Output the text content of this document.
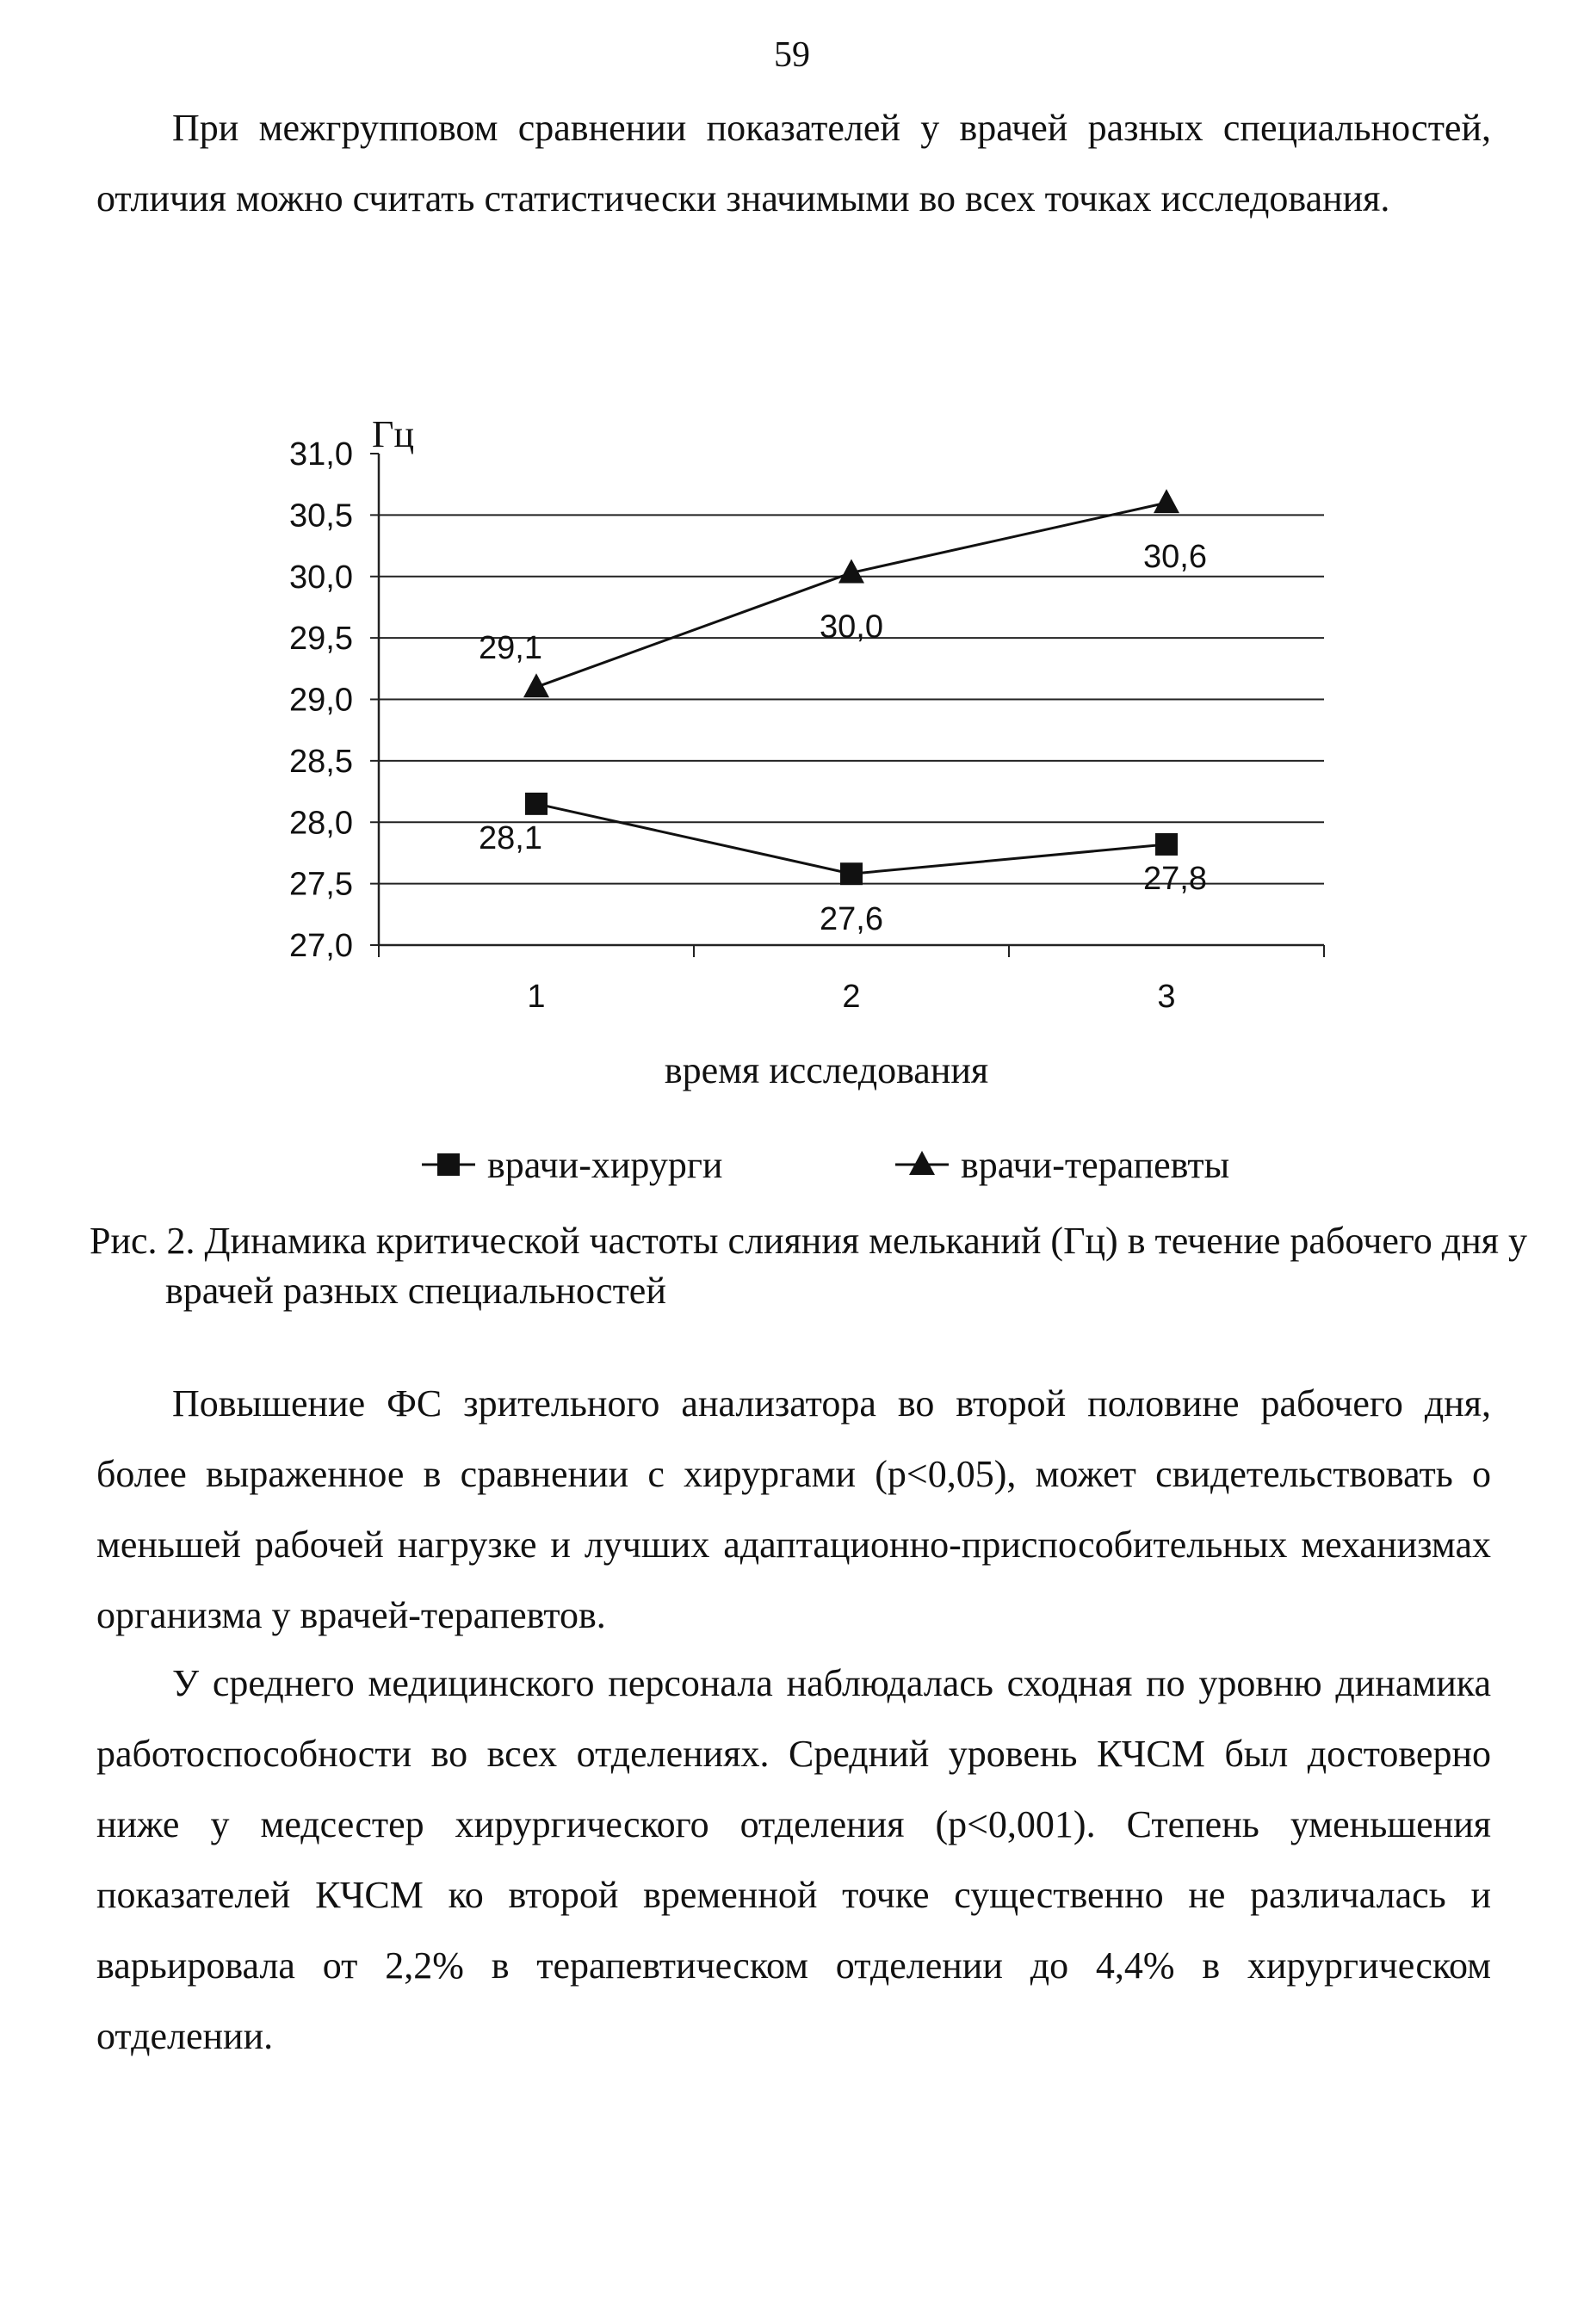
59

При межгрупповом сравнении показателей у врачей разных специальностей, отличия можно считать статистически значимыми во всех точках исследования.

27,0
27,5
28,0
28,5
29,0
29,5
30,0
30,5
31,0
1	2	3
Гц
время исследования
28,1
27,6
27,8
29,1
30,0
30,6
врачи-хирурги	врачи-терапевты

Рис. 2. Динамика критической частоты слияния мельканий (Гц) в течение рабочего дня у врачей разных специальностей

Повышение ФС зрительного анализатора во второй половине рабочего дня, более выраженное в сравнении с хирургами (р<0,05), может свидетельствовать о меньшей рабочей нагрузке и лучших адаптационно-приспособительных механизмах организма у врачей-терапевтов.

У среднего медицинского персонала наблюдалась сходная по уровню динамика работоспособности во всех отделениях. Средний уровень КЧСМ был достоверно ниже у медсестер хирургического отделения (р<0,001). Степень уменьшения показателей КЧСМ ко второй временной точке существенно не различалась и варьировала от 2,2% в терапевтическом отделении до 4,4% в хирургическом отделении.
